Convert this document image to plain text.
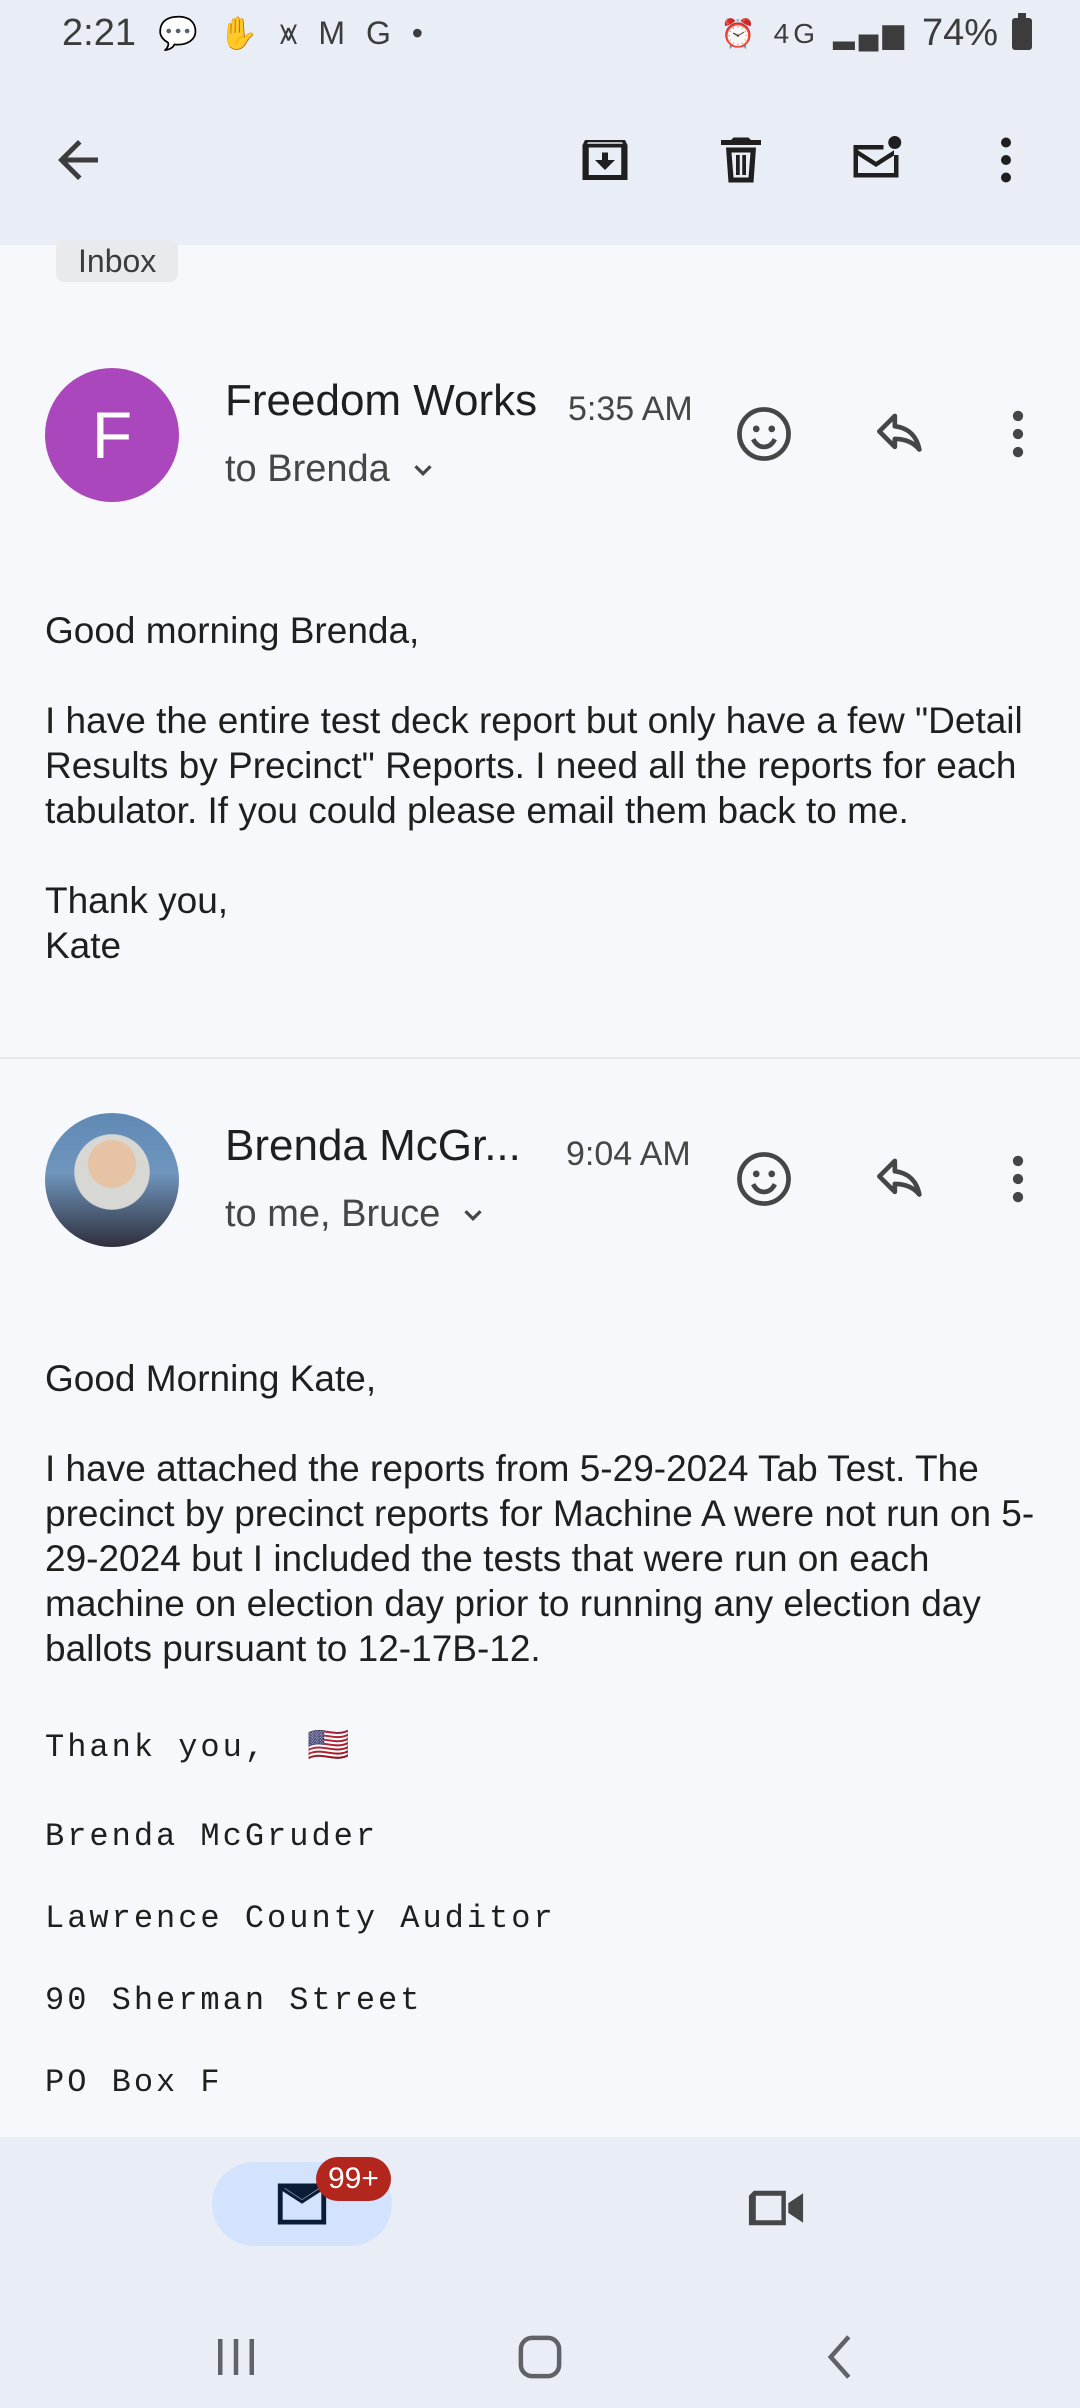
2:21 💬 ✋ ⩙ M G •	⏰ 4G ▂▄▆ 74%
Inbox
F	Freedom Works 5:35 AM
to Brenda

Good morning Brenda,

I have the entire test deck report but only have a few "Detail Results by Precinct" Reports. I need all the reports for each tabulator. If you could please email them back to me.

Thank you,
Kate
Brenda McGr... 9:04 AM
to me, Bruce

Good Morning Kate,

I have attached the reports from 5-29-2024 Tab Test. The precinct by precinct reports for Machine A were not run on 5-29-2024 but I included the tests that were run on each machine on election day prior to running any election day ballots pursuant to 12-17B-12.

Thank you, 🇺🇸
Brenda McGruder
Lawrence County Auditor
90 Sherman Street
PO Box F
99+
